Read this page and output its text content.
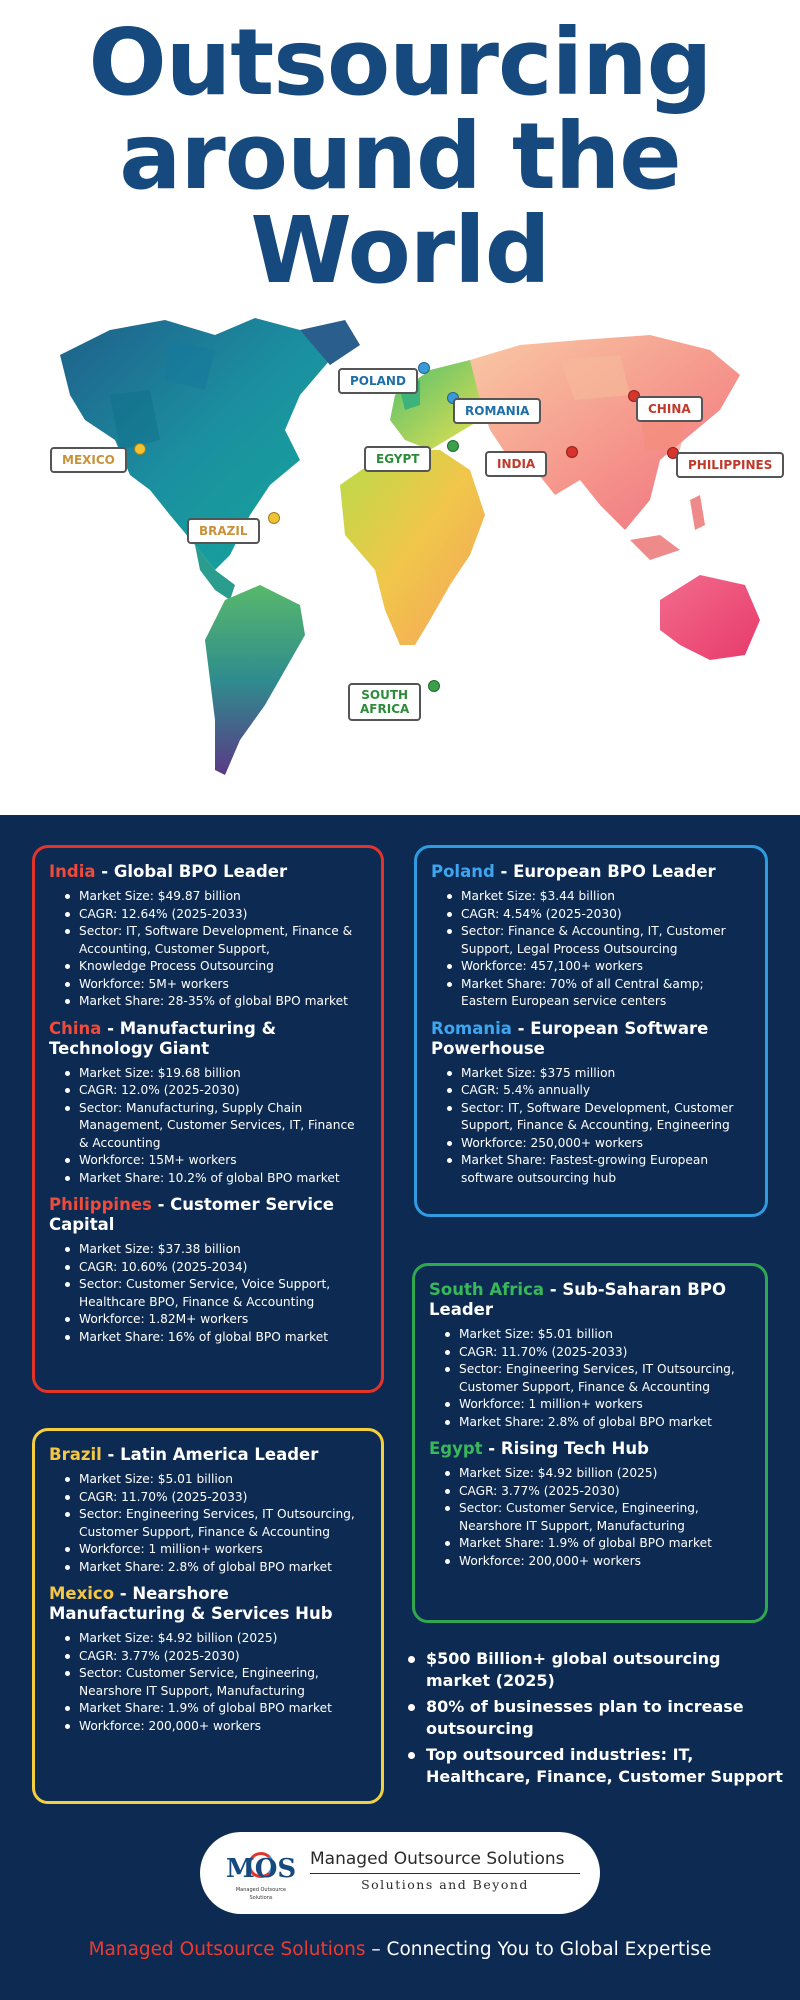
Outsourcing
around the
World
MEXICO
BRAZIL
POLAND
ROMANIA
EGYPT
SOUTH
AFRICA
INDIA
CHINA
PHILIPPINES
India - Global BPO Leader
Market Size: $49.87 billion
CAGR: 12.64% (2025-2033)
Sector: IT, Software Development, Finance & Accounting, Customer Support,
Knowledge Process Outsourcing
Workforce: 5M+ workers
Market Share: 28-35% of global BPO market
China - Manufacturing & Technology Giant
Market Size: $19.68 billion
CAGR: 12.0% (2025-2030)
Sector: Manufacturing, Supply Chain Management, Customer Services, IT, Finance & Accounting
Workforce: 15M+ workers
Market Share: 10.2% of global BPO market
Philippines - Customer Service Capital
Market Size: $37.38 billion
CAGR: 10.60% (2025-2034)
Sector: Customer Service, Voice Support, Healthcare BPO, Finance & Accounting
Workforce: 1.82M+ workers
Market Share: 16% of global BPO market
Poland - European BPO Leader
Market Size: $3.44 billion
CAGR: 4.54% (2025-2030)
Sector: Finance & Accounting, IT, Customer Support, Legal Process Outsourcing
Workforce: 457,100+ workers
Market Share: 70% of all Central &amp; Eastern European service centers
Romania - European Software Powerhouse
Market Size: $375 million
CAGR: 5.4% annually
Sector: IT, Software Development, Customer Support, Finance & Accounting, Engineering
Workforce: 250,000+ workers
Market Share: Fastest-growing European software outsourcing hub
South Africa - Sub-Saharan BPO Leader
Market Size: $5.01 billion
CAGR: 11.70% (2025-2033)
Sector: Engineering Services, IT Outsourcing, Customer Support, Finance & Accounting
Workforce: 1 million+ workers
Market Share: 2.8% of global BPO market
Egypt - Rising Tech Hub
Market Size: $4.92 billion (2025)
CAGR: 3.77% (2025-2030)
Sector: Customer Service, Engineering, Nearshore IT Support, Manufacturing
Market Share: 1.9% of global BPO market
Workforce: 200,000+ workers
Brazil - Latin America Leader
Market Size: $5.01 billion
CAGR: 11.70% (2025-2033)
Sector: Engineering Services, IT Outsourcing, Customer Support, Finance & Accounting
Workforce: 1 million+ workers
Market Share: 2.8% of global BPO market
Mexico - Nearshore Manufacturing & Services Hub
Market Size: $4.92 billion (2025)
CAGR: 3.77% (2025-2030)
Sector: Customer Service, Engineering, Nearshore IT Support, Manufacturing
Market Share: 1.9% of global BPO market
Workforce: 200,000+ workers
$500 Billion+ global outsourcing market (2025)
80% of businesses plan to increase outsourcing
Top outsourced industries: IT, Healthcare, Finance, Customer Support
MOS
Managed Outsource Solutions
Managed Outsource Solutions
Solutions and Beyond
Managed Outsource Solutions – Connecting You to Global Expertise
